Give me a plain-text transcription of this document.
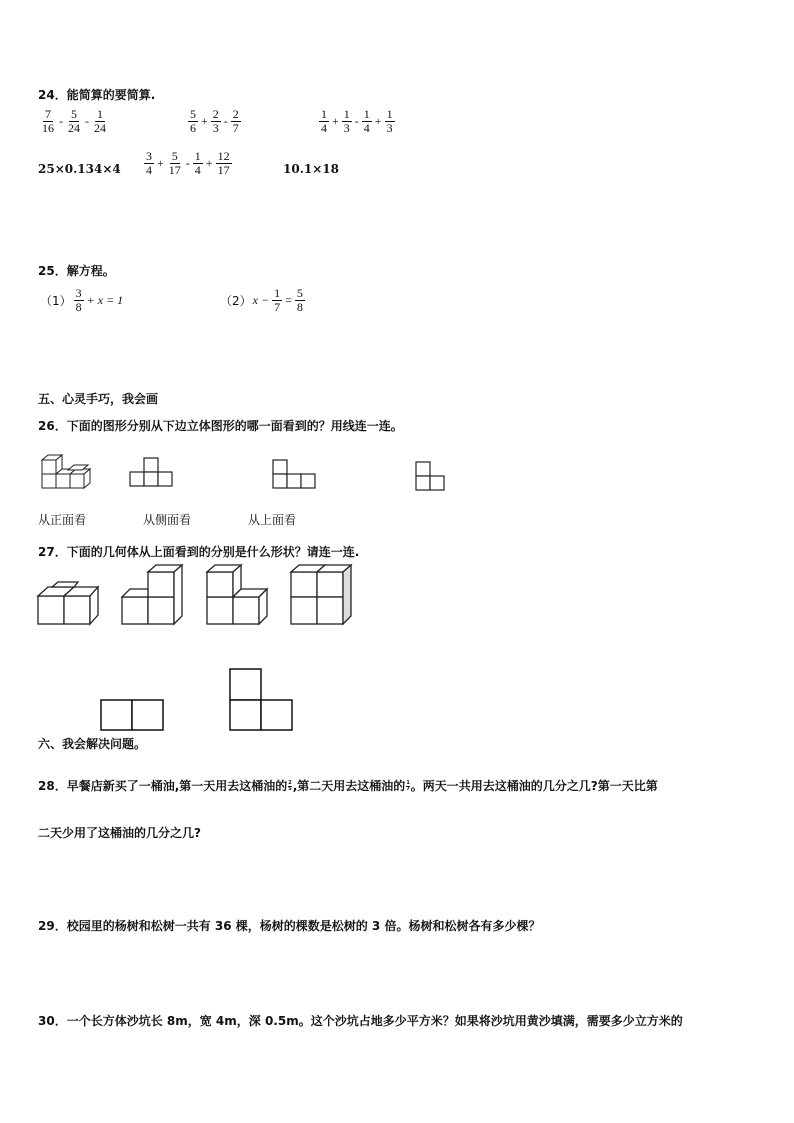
24．能简算的要简算.
$\frac{7}{16} - \frac{5}{24} - \frac{1}{24}$	$\frac{5}{6} + \frac{2}{3} - \frac{2}{7}$	$\frac{1}{4} + \frac{1}{3} - \frac{1}{4} + \frac{1}{3}$
$25\times 0.134\times 4 \frac{3}{4} + \frac{5}{17} - \frac{1}{4} + \frac{12}{17}$	10.1×18
25．解方程。
$(1) \frac{3}{8} + x = 1$	（2） $x - \frac{1}{7} = \frac{5}{8}$
五、心灵手巧，我会画
26．下面的图形分别从下边立体图形的哪一面看到的？用线连一连。
从正面看	从侧面看	从上面看
27．下面的几何体从上面看到的分别是什么形状？请连一连.
六、我会解决问题。
28．早餐店新买了一桶油,第一天用去这桶油的 $\frac{2}{5}$ ,第二天用去这桶油的 $\frac{1}{7}$ 。两天一共用去这桶油的几分之几?第一天比第
二天少用了这桶油的几分之几?
29．校园里的杨树和松树一共有 36 棵，杨树的棵数是松树的 3 倍。杨树和松树各有多少棵？
30．一个长方体沙坑长 8m，宽 4m，深 0.5m。这个沙坑占地多少平方米？如果将沙坑用黄沙填满，需要多少立方米的
